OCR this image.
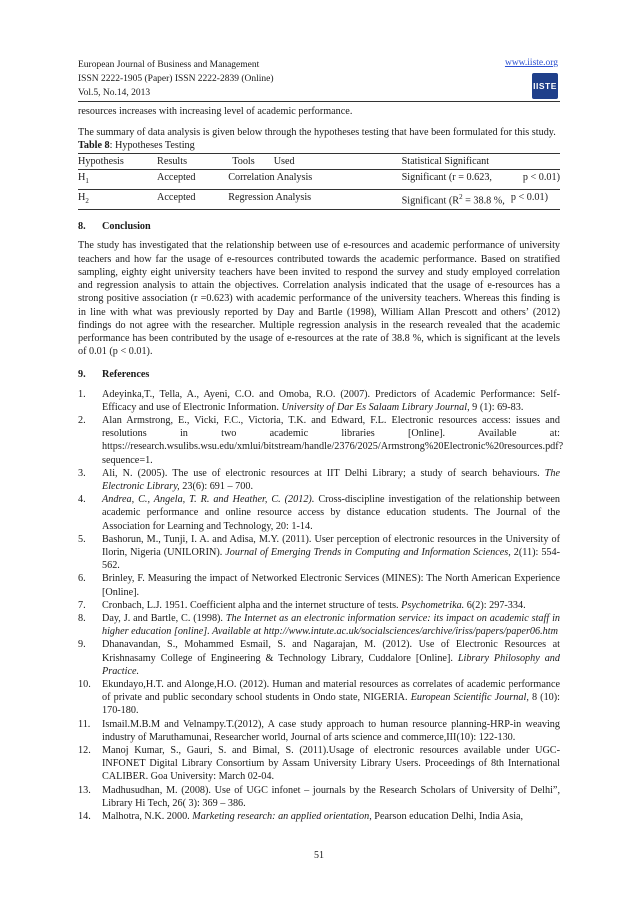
European Journal of Business and Management
ISSN 2222-1905 (Paper) ISSN 2222-2839 (Online)
Vol.5, No.14, 2013
www.iiste.org
IISTE

resources increases with increasing level of academic performance.

The summary of data analysis is given below through the hypotheses testing that have been formulated for this study.

Table 8: Hypotheses Testing
Hypothesis	Results	Tools	Used	Statistical Significant	
$H_1$	Accepted	Correlation Analysis		Significant (r = 0.623,	p < 0.01)
$H_2$	Accepted	Regression Analysis		Significant ($R^2 = 38.8$ %,	p < 0.01)
8. Conclusion

The study has investigated that the relationship between use of e-resources and academic performance of university teachers and how far the usage of e-resources contributed towards the academic performance. Based on stratified sampling, eighty eight university teachers have been invited to respond the survey and study employed correlation and regression analysis to attain the objectives. Correlation analysis indicated that the usage of e-resources has a strong positive association (r =0.623) with academic performance of the university teachers. Whereas this finding is in line with what was previously reported by Day and Bartle (1998), William Allan Prescott and others’ (2012) findings do not agree with the researcher. Multiple regression analysis in the research revealed that the academic performance has been contributed by the usage of e-resources at the rate of 38.8 %, which is significant at the levels of 0.01 (p < 0.01).

9. References
1. Adeyinka,T., Tella, A., Ayeni, C.O. and Omoba, R.O. (2007). Predictors of Academic Performance: Self-Efficacy and use of Electronic Information. University of Dar Es Salaam Library Journal, 9 (1): 69-83.
2. Alan Armstrong, E., Vicki, F.C., Victoria, T.K. and Edward, F.L. Electronic resources access: issues and resolutions in two academic libraries [Online]. Available at: https://research.wsulibs.wsu.edu/xmlui/bitstream/handle/2376/2025/Armstrong%20Electronic%20resources.pdf?sequence=1.
3. Ali, N. (2005). The use of electronic resources at IIT Delhi Library; a study of search behaviours. The Electronic Library, 23(6): 691 – 700.
4. Andrea, C., Angela, T. R. and Heather, C. (2012). Cross-discipline investigation of the relationship between academic performance and online resource access by distance education students. The Journal of the Association for Learning and Technology, 20: 1-14.
5. Bashorun, M., Tunji, I. A. and Adisa, M.Y. (2011). User perception of electronic resources in the University of Ilorin, Nigeria (UNILORIN). Journal of Emerging Trends in Computing and Information Sciences, 2(11): 554- 562.
6. Brinley, F. Measuring the impact of Networked Electronic Services (MINES): The North American Experience [Online].
7. Cronbach, L.J. 1951. Coefficient alpha and the internet structure of tests. Psychometrika. 6(2): 297-334.
8. Day, J. and Bartle, C. (1998). The Internet as an electronic information service: its impact on academic staff in higher education [online]. Available at http://www.intute.ac.uk/socialsciences/archive/iriss/papers/paper06.htm
9. Dhanavandan, S., Mohammed Esmail, S. and Nagarajan, M. (2012). Use of Electronic Resources at Krishnasamy College of Engineering & Technology Library, Cuddalore [Online]. Library Philosophy and Practice.
10. Ekundayo,H.T. and Alonge,H.O. (2012). Human and material resources as correlates of academic performance of private and public secondary school students in Ondo state, NIGERIA. European Scientific Journal, 8 (10): 170-180.
11. Ismail.M.B.M and Velnampy.T.(2012), A case study approach to human resource planning-HRP-in weaving industry of Maruthamunai, Researcher world, Journal of arts science and commerce,III(10): 122-130.
12. Manoj Kumar, S., Gauri, S. and Bimal, S. (2011).Usage of electronic resources available under UGC-INFONET Digital Library Consortium by Assam University Library Users. Proceedings of 8th International CALIBER. Goa University: March 02-04.
13. Madhusudhan, M. (2008). Use of UGC infonet – journals by the Research Scholars of University of Delhi”, Library Hi Tech, 26( 3): 369 – 386.
14. Malhotra, N.K. 2000. Marketing research: an applied orientation, Pearson education Delhi, India Asia,
51
